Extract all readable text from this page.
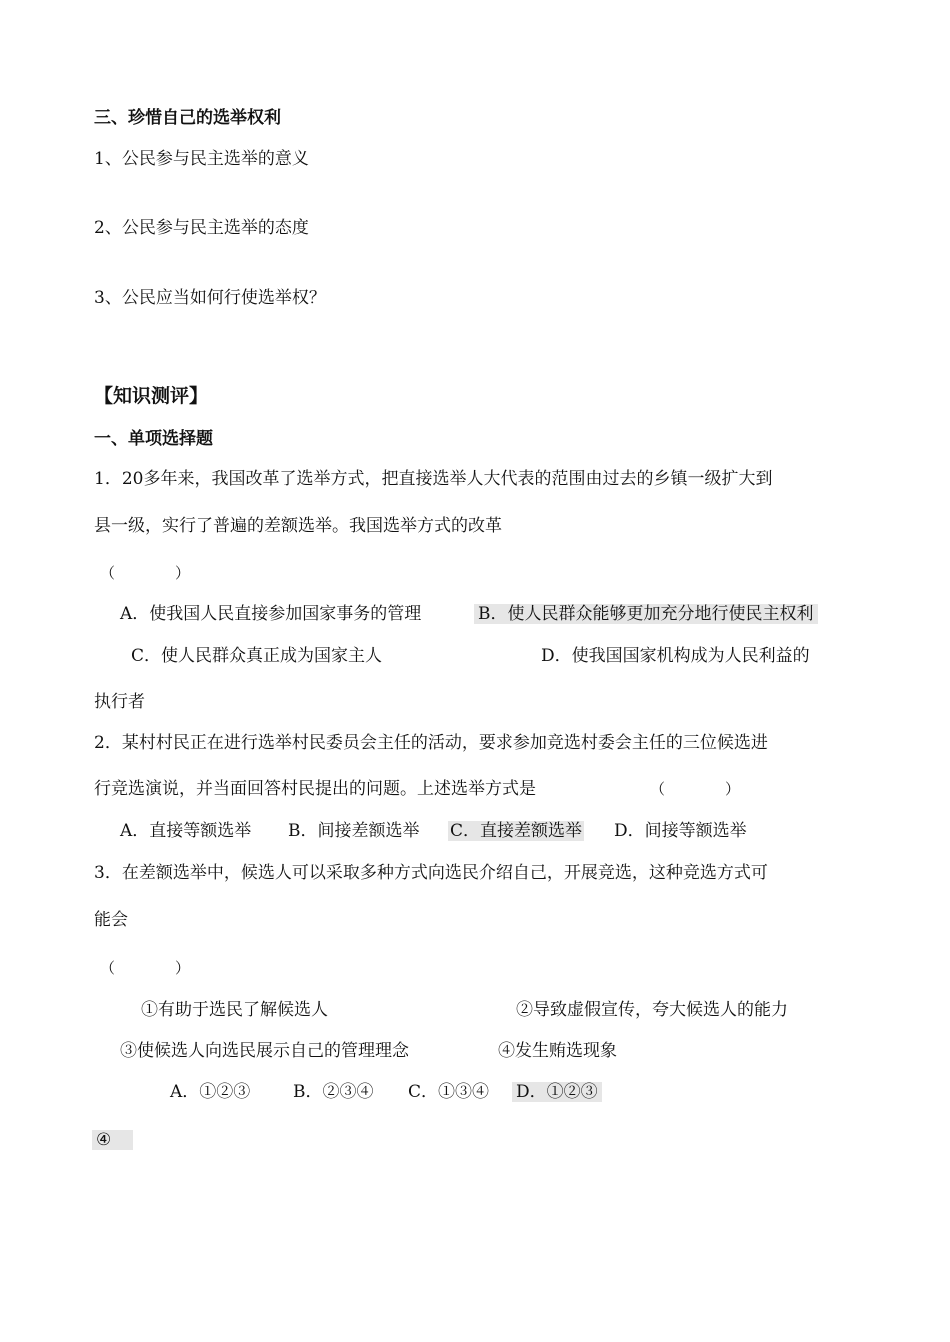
三、珍惜自己的选举权利
1、公民参与民主选举的意义
2、公民参与民主选举的态度
3、公民应当如何行使选举权？
【知识测评】
一、单项选择题
1．20多年来，我国改革了选举方式，把直接选举人大代表的范围由过去的乡镇一级扩大到
县一级，实行了普遍的差额选举。我国选举方式的改革
（　　　　）
A．使我国人民直接参加国家事务的管理	B．使人民群众能够更加充分地行使民主权利
C．使人民群众真正成为国家主人	D．使我国国家机构成为人民利益的
执行者
2．某村村民正在进行选举村民委员会主任的活动，要求参加竞选村委会主任的三位候选进
行竞选演说，并当面回答村民提出的问题。上述选举方式是	（　　　　）
A．直接等额选举 B．间接差额选举 C．直接差额选举 D．间接等额选举
3．在差额选举中，候选人可以采取多种方式向选民介绍自己，开展竞选，这种竞选方式可
能会
（　　　　）
①有助于选民了解候选人	②导致虚假宣传，夸大候选人的能力
③使候选人向选民展示自己的管理理念	④发生贿选现象
A．①②③	B．②③④ C．①③④ D．①②③
④
